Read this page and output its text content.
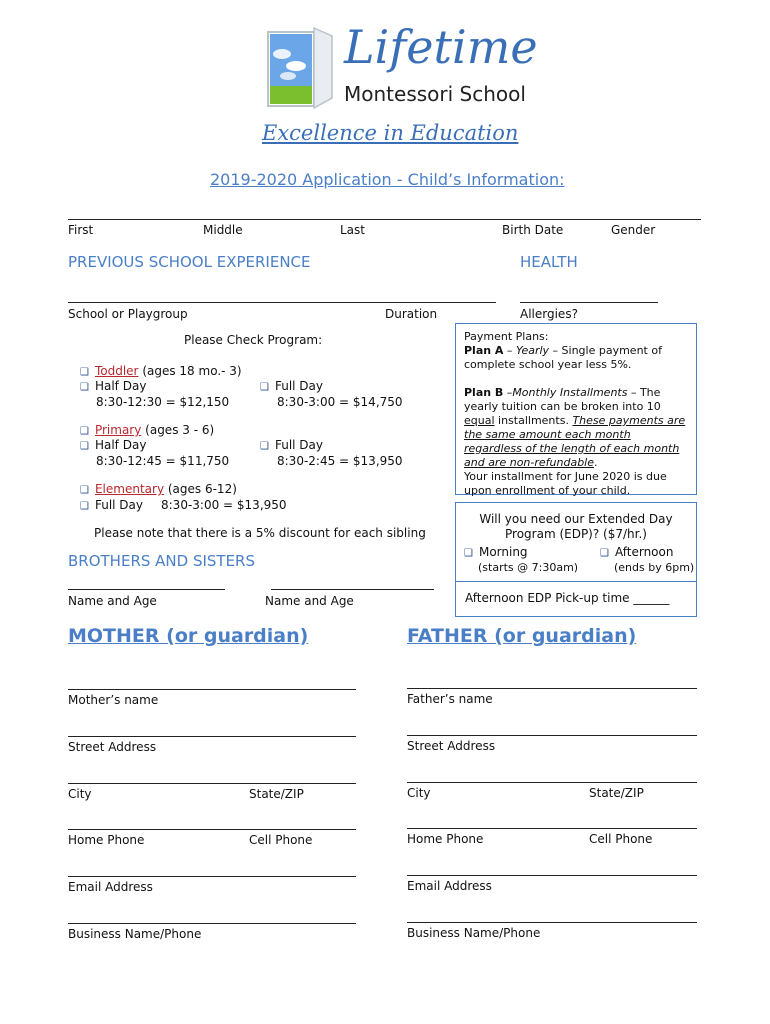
Lifetime
Montessori School
Excellence in Education
2019-2020 Application - Child’s Information:
First	Middle	Last	Birth Date	Gender
PREVIOUS SCHOOL EXPERIENCE	HEALTH
School or Playgroup	Duration	Allergies?
Please Check Program:
❑ Toddler (ages 18 mo.- 3)
❑ Half Day
8:30-12:30 = $12,150
❑ Full Day
8:30-3:00 = $14,750
❑ Primary (ages 3 - 6)
❑ Half Day
8:30-12:45 = $11,750
❑ Full Day
8:30-2:45 = $13,950
❑ Elementary (ages 6-12)
❑ Full Day 8:30-3:00 = $13,950
Please note that there is a 5% discount for each sibling
Payment Plans:
Plan A – Yearly – Single payment of complete school year less 5%.
Plan B –Monthly Installments – The yearly tuition can be broken into 10 equal installments. These payments are the same amount each month regardless of the length of each month and are non-refundable.
Your installment for June 2020 is due upon enrollment of your child.
Will you need our Extended Day Program (EDP)? ($7/hr.)
❑ Morning	❑ Afternoon
(starts @ 7:30am)	(ends by 6pm)
Afternoon EDP Pick-up time ______
BROTHERS AND SISTERS
Name and Age	Name and Age
MOTHER (or guardian)	FATHER (or guardian)
Mother’s name
Street Address
City	State/ZIP
Home Phone	Cell Phone
Email Address
Business Name/Phone
Father’s name
Street Address
City	State/ZIP
Home Phone	Cell Phone
Email Address
Business Name/Phone
